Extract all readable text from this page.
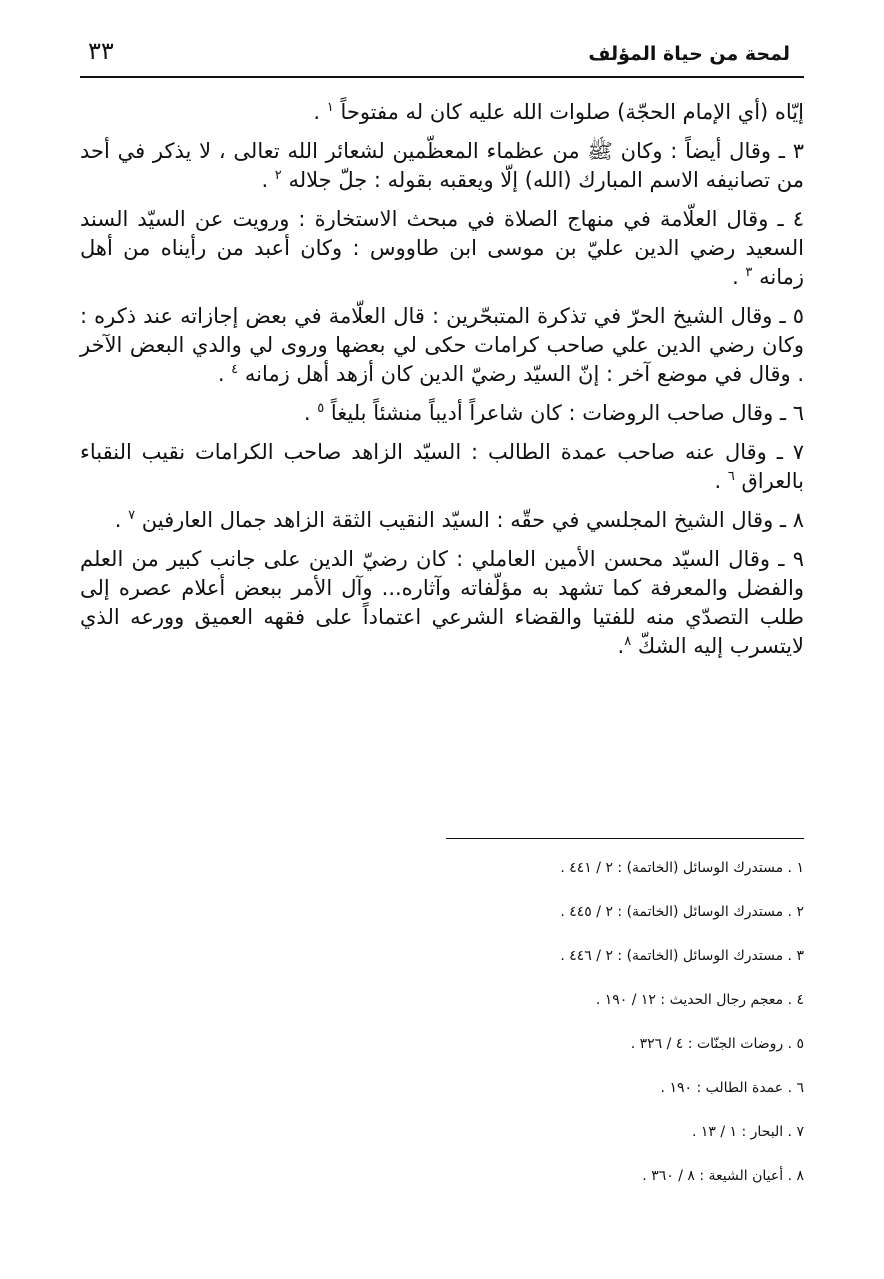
لمحة من حياة المؤلف
٣٣

إيّاه (أي الإمام الحجّة) صلوات الله عليه كان له مفتوحاً $^١$ .

٣ ـ وقال أيضاً : وكان ﷺ من عظماء المعظّمين لشعائر الله تعالى ، لا يذكر في أحد من تصانيفه الاسم المبارك (الله) إلّا ويعقبه بقوله : جلّ جلاله $^٢$ .

٤ ـ وقال العلّامة في منهاج الصلاة في مبحث الاستخارة : ورويت عن السيّد السند السعيد رضي الدين عليّ بن موسى ابن طاووس : وكان أعبد من رأيناه من أهل زمانه $^٣$ .

٥ ـ وقال الشيخ الحرّ في تذكرة المتبحّرين : قال العلّامة في بعض إجازاته عند ذكره : وكان رضي الدين علي صاحب كرامات حكى لي بعضها وروى لي والدي البعض الآخر . وقال في موضع آخر : إنّ السيّد رضيّ الدين كان أزهد أهل زمانه $^٤$ .

٦ ـ وقال صاحب الروضات : كان شاعراً أديباً منشئاً بليغاً $^٥$ .

٧ ـ وقال عنه صاحب عمدة الطالب : السيّد الزاهد صاحب الكرامات نقيب النقباء بالعراق $^٦$ .

٨ ـ وقال الشيخ المجلسي في حقّه : السيّد النقيب الثقة الزاهد جمال العارفين $^٧$ .

٩ ـ وقال السيّد محسن الأمين العاملي : كان رضيّ الدين على جانب كبير من العلم والفضل والمعرفة كما تشهد به مؤلّفاته وآثاره... وآل الأمر ببعض أعلام عصره إلى طلب التصدّي منه للفتيا والقضاء الشرعي اعتماداً على فقهه العميق وورعه الذي لايتسرب إليه الشكّ $^٨$.

١ . مستدرك الوسائل (الخاتمة) : ٢ / ٤٤١ .
٢ . مستدرك الوسائل (الخاتمة) : ٢ / ٤٤٥ .
٣ . مستدرك الوسائل (الخاتمة) : ٢ / ٤٤٦ .
٤ . معجم رجال الحديث : ١٢ / ١٩٠ .
٥ . روضات الجنّات : ٤ / ٣٢٦ .
٦ . عمدة الطالب : ١٩٠ .
٧ . البحار : ١ / ١٣ .
٨ . أعيان الشيعة : ٨ / ٣٦٠ .
